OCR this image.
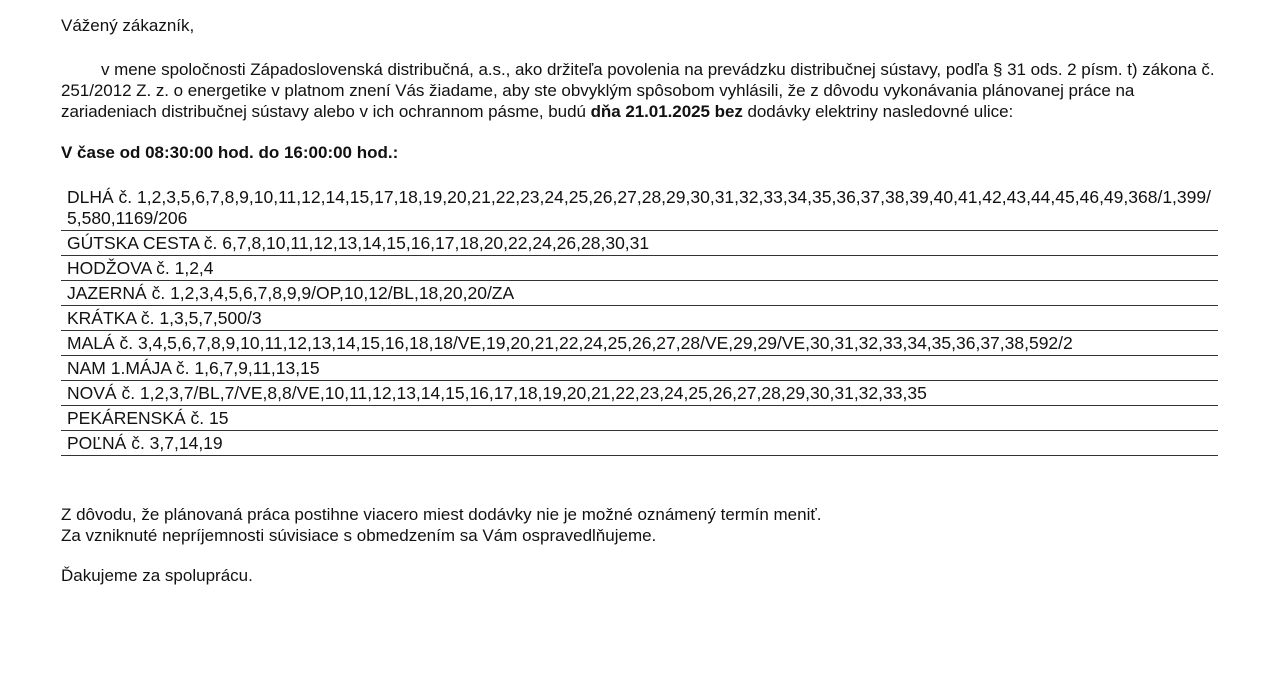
Vážený zákazník,

v mene spoločnosti Západoslovenská distribučná, a.s., ako držiteľa povolenia na prevádzku distribučnej sústavy, podľa § 31 ods. 2 písm. t) zákona č. 251/2012 Z. z. o energetike v platnom znení Vás žiadame, aby ste obvyklým spôsobom vyhlásili, že z dôvodu vykonávania plánovanej práce na zariadeniach distribučnej sústavy alebo v ich ochrannom pásme, budú dňa 21.01.2025 bez dodávky elektriny nasledovné ulice:

V čase od 08:30:00 hod. do 16:00:00 hod.:

DLHÁ č. 1,2,3,5,6,7,8,9,10,11,12,14,15,17,18,19,20,21,22,23,24,25,26,27,28,29,30,31,32,33,34,35,36,37,38,39,40,41,42,43,44,45,46,49,368/1,399/5,580,1169/206
GÚTSKA CESTA č. 6,7,8,10,11,12,13,14,15,16,17,18,20,22,24,26,28,30,31
HODŽOVA č. 1,2,4
JAZERNÁ č. 1,2,3,4,5,6,7,8,9,9/OP,10,12/BL,18,20,20/ZA
KRÁTKA č. 1,3,5,7,500/3
MALÁ č. 3,4,5,6,7,8,9,10,11,12,13,14,15,16,18,18/VE,19,20,21,22,24,25,26,27,28/VE,29,29/VE,30,31,32,33,34,35,36,37,38,592/2
NAM 1.MÁJA č. 1,6,7,9,11,13,15
NOVÁ č. 1,2,3,7/BL,7/VE,8,8/VE,10,11,12,13,14,15,16,17,18,19,20,21,22,23,24,25,26,27,28,29,30,31,32,33,35
PEKÁRENSKÁ č. 15
POĽNÁ č. 3,7,14,19

Z dôvodu, že plánovaná práca postihne viacero miest dodávky nie je možné oznámený termín meniť.
Za vzniknuté nepríjemnosti súvisiace s obmedzením sa Vám ospravedlňujeme.

Ďakujeme za spoluprácu.
